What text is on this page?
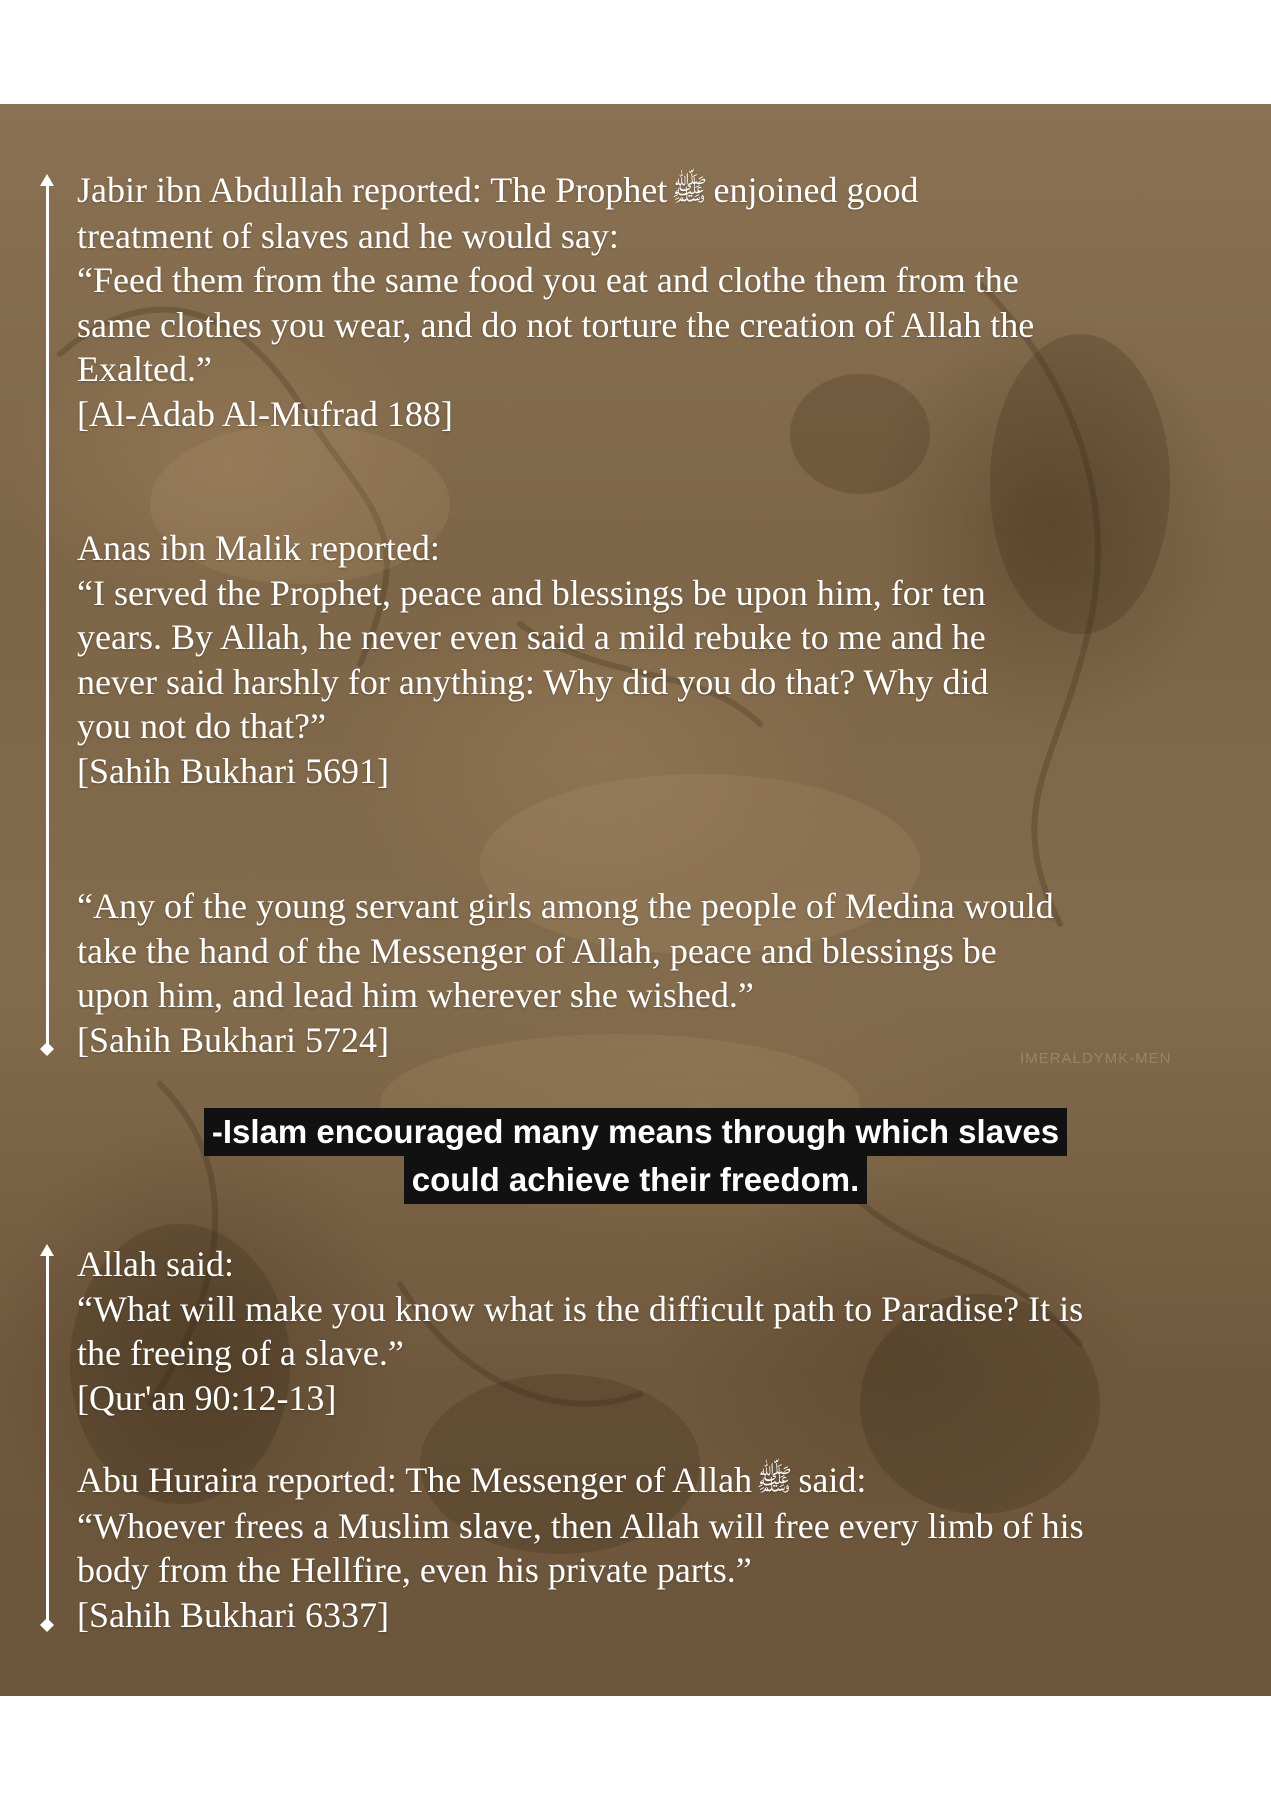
IMERALDYMK-MEN

Jabir ibn Abdullah reported: The Prophet ﷺ enjoined good

treatment of slaves and he would say:

“Feed them from the same food you eat and clothe them from the

same clothes you wear, and do not torture the creation of Allah the

Exalted.”

[Al-Adab Al-Mufrad 188]

Anas ibn Malik reported:

“I served the Prophet, peace and blessings be upon him, for ten

years. By Allah, he never even said a mild rebuke to me and he

never said harshly for anything: Why did you do that? Why did

you not do that?”

[Sahih Bukhari 5691]

“Any of the young servant girls among the people of Medina would

take the hand of the Messenger of Allah, peace and blessings be

upon him, and lead him wherever she wished.”

[Sahih Bukhari 5724]

-Islam encouraged many means through which slaves
could achieve their freedom.

Allah said:

“What will make you know what is the difficult path to Paradise? It is

the freeing of a slave.”

[Qur'an 90:12-13]

Abu Huraira reported: The Messenger of Allah ﷺ said:

“Whoever frees a Muslim slave, then Allah will free every limb of his

body from the Hellfire, even his private parts.”

[Sahih Bukhari 6337]
